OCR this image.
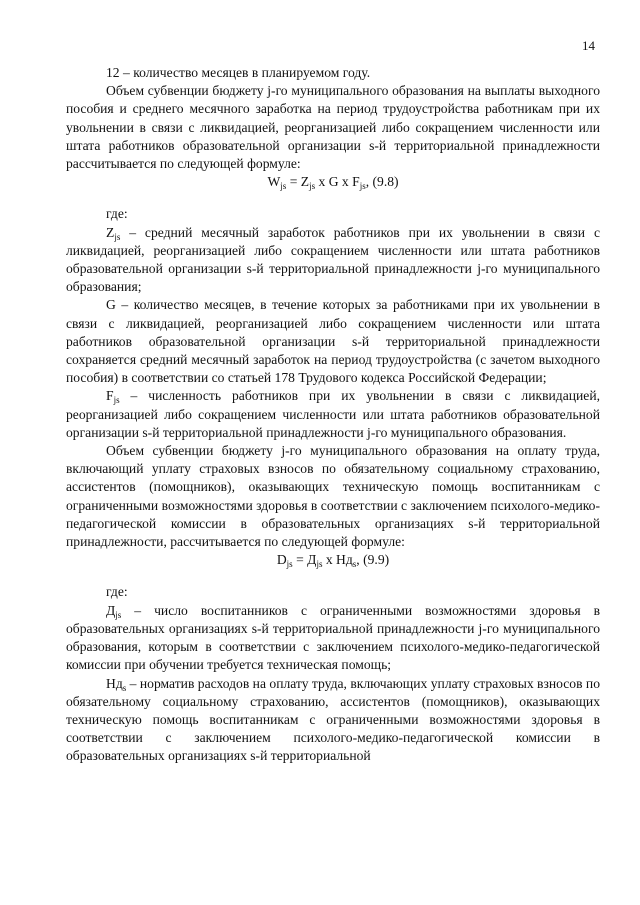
14

12 – количество месяцев в планируемом году.

Объем субвенции бюджету j-го муниципального образования на выплаты выходного пособия и среднего месячного заработка на период трудоустройства работникам при их увольнении в связи с ликвидацией, реорганизацией либо сокращением численности или штата работников образовательной организации s-й территориальной принадлежности рассчитывается по следующей формуле:

$W_{js} = Z_{js}$ x G x $F_{js}$, (9.8)

где:

$Z_{js}$ – средний месячный заработок работников при их увольнении в связи с ликвидацией, реорганизацией либо сокращением численности или штата работников образовательной организации s-й территориальной принадлежности j-го муниципального образования;

G – количество месяцев, в течение которых за работниками при их увольнении в связи с ликвидацией, реорганизацией либо сокращением численности или штата работников образовательной организации s-й территориальной принадлежности сохраняется средний месячный заработок на период трудоустройства (с зачетом выходного пособия) в соответствии со статьей 178 Трудового кодекса Российской Федерации;

$F_{js}$ – численность работников при их увольнении в связи с ликвидацией, реорганизацией либо сокращением численности или штата работников образовательной организации s-й территориальной принадлежности j-го муниципального образования.

Объем субвенции бюджету j-го муниципального образования на оплату труда, включающий уплату страховых взносов по обязательному социальному страхованию, ассистентов (помощников), оказывающих техническую помощь воспитанникам с ограниченными возможностями здоровья в соответствии с заключением психолого-медико-педагогической комиссии в образовательных организациях s-й территориальной принадлежности, рассчитывается по следующей формуле:

$D_{js} = Д_{js}$ x $Нд_s$, (9.9)

где:

$Д_{js}$ – число воспитанников с ограниченными возможностями здоровья в образовательных организациях s-й территориальной принадлежности j-го муниципального образования, которым в соответствии с заключением психолого-медико-педагогической комиссии при обучении требуется техническая помощь;

$Нд_s$ – норматив расходов на оплату труда, включающих уплату страховых взносов по обязательному социальному страхованию, ассистентов (помощников), оказывающих техническую помощь воспитанникам с ограниченными возможностями здоровья в соответствии с заключением психолого-медико-педагогической комиссии в образовательных организациях s-й территориальной
